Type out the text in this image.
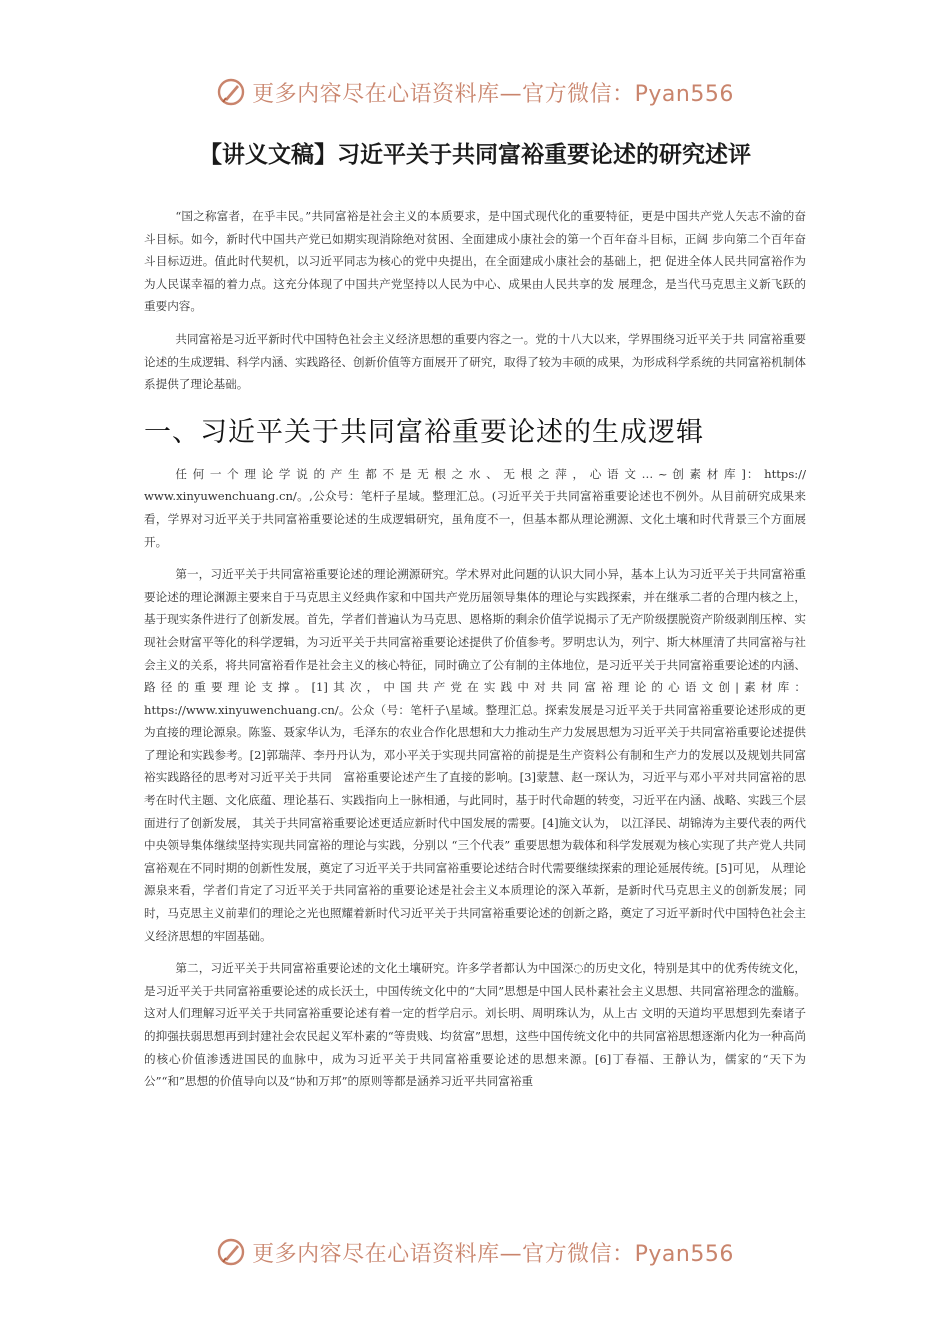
更多内容尽在心语资料库—官方微信：Pyan556
【讲义文稿】习近平关于共同富裕重要论述的研究述评

“国之称富者，在乎丰民。”共同富裕是社会主义的本质要求，是中国式现代化的重要特征，更是中国共产党人矢志不渝的奋斗目标。如今，新时代中国共产党已如期实现消除绝对贫困、全面建成小康社会的第一个百年奋斗目标，正阔 步向第二个百年奋斗目标迈进。值此时代契机，以习近平同志为核心的党中央提出，在全面建成小康社会的基础上，把 促进全体人民共同富裕作为为人民谋幸福的着力点。这充分体现了中国共产党坚持以人民为中心、成果由人民共享的发 展理念，是当代马克思主义新飞跃的重要内容。

共同富裕是习近平新时代中国特色社会主义经济思想的重要内容之一。党的十八大以来，学界围绕习近平关于共 同富裕重要论述的生成逻辑、科学内涵、实践路径、创新价值等方面展开了研究，取得了较为丰硕的成果，为形成科学系统的共同富裕机制体系提供了理论基础。

一、习近平关于共同富裕重要论述的生成逻辑

任 何 一 个 理 论 学 说 的 产 生 都 不 是 无 根 之 水 、 无 根 之 萍 ， 心 语 文 … ~ 创 素 材 库 ]： https:// www.xinyuwenchuang.cn/。,公众号：笔杆子星域。整理汇总。(习近平关于共同富裕重要论述也不例外。从目前研究成果来看，学界对习近平关于共同富裕重要论述的生成逻辑研究，虽角度不一，但基本都从理论溯源、文化土壤和时代背景三个方面展开。

第一，习近平关于共同富裕重要论述的理论溯源研究。学术界对此问题的认识大同小异，基本上认为习近平关于共同富裕重要论述的理论渊源主要来自于马克思主义经典作家和中国共产党历届领导集体的理论与实践探索，并在继承二者的合理内核之上，基于现实条件进行了创新发展。首先，学者们普遍认为马克思、恩格斯的剩余价值学说揭示了无产阶级摆脱资产阶级剥削压榨、实现社会财富平等化的科学逻辑，为习近平关于共同富裕重要论述提供了价值参考。罗明忠认为，列宁、斯大林厘清了共同富裕与社会主义的关系，将共同富裕看作是社会主义的核心特征，同时确立了公有制的主体地位，是习近平关于共同富裕重要论述的内涵、路径的重要理论支撑。[1]其次，中国共产党在实践中对共同富裕理论的心语文创|素材库：https://www.xinyuwenchuang.cn/。公众（号：笔杆子\星域。整理汇总。探索发展是习近平关于共同富裕重要论述形成的更为直接的理论源泉。陈鉴、聂家华认为，毛泽东的农业合作化思想和大力推动生产力发展思想为习近平关于共同富裕重要论述提供了理论和实践参考。[2]郭瑞萍、李丹丹认为，邓小平关于实现共同富裕的前提是生产资料公有制和生产力的发展以及规划共同富裕实践路径的思考对习近平关于共同　富裕重要论述产生了直接的影响。[3]蒙慧、赵一琛认为，习近平与邓小平对共同富裕的思考在时代主题、文化底蕴、理论基石、实践指向上一脉相通，与此同时，基于时代命题的转变，习近平在内涵、战略、实践三个层面进行了创新发展， 其关于共同富裕重要论述更适应新时代中国发展的需要。[4]施文认为， 以江泽民、胡锦涛为主要代表的两代中央领导集体继续坚持实现共同富裕的理论与实践，分别以 “三个代表” 重要思想为载体和科学发展观为核心实现了共产党人共同 富裕观在不同时期的创新性发展，奠定了习近平关于共同富裕重要论述结合时代需要继续探索的理论延展传统。[5]可见， 从理论源泉来看，学者们肯定了习近平关于共同富裕的重要论述是社会主义本质理论的深入革新，是新时代马克思主义的创新发展；同时，马克思主义前辈们的理论之光也照耀着新时代习近平关于共同富裕重要论述的创新之路，奠定了习近平新时代中国特色社会主义经济思想的牢固基础。

第二，习近平关于共同富裕重要论述的文化土壤研究。许多学者都认为中国深◌的历史文化，特别是其中的优秀传统文化，是习近平关于共同富裕重要论述的成长沃土，中国传统文化中的“大同”思想是中国人民朴素社会主义思想、共同富裕理念的滥觞。这对人们理解习近平关于共同富裕重要论述有着一定的哲学启示。刘长明、周明珠认为，从上古 文明的天道均平思想到先秦诸子的抑强扶弱思想再到封建社会农民起义军朴素的“等贵贱、均贫富”思想，这些中国传统文化中的共同富裕思想逐渐内化为一种高尚的核心价值渗透进国民的血脉中，成为习近平关于共同富裕重要论述的思想来源。[6]丁春福、王静认为，儒家的“天下为公”“和”思想的价值导向以及“协和万邦”的原则等都是涵养习近平共同富裕重

更多内容尽在心语资料库—官方微信：Pyan556
